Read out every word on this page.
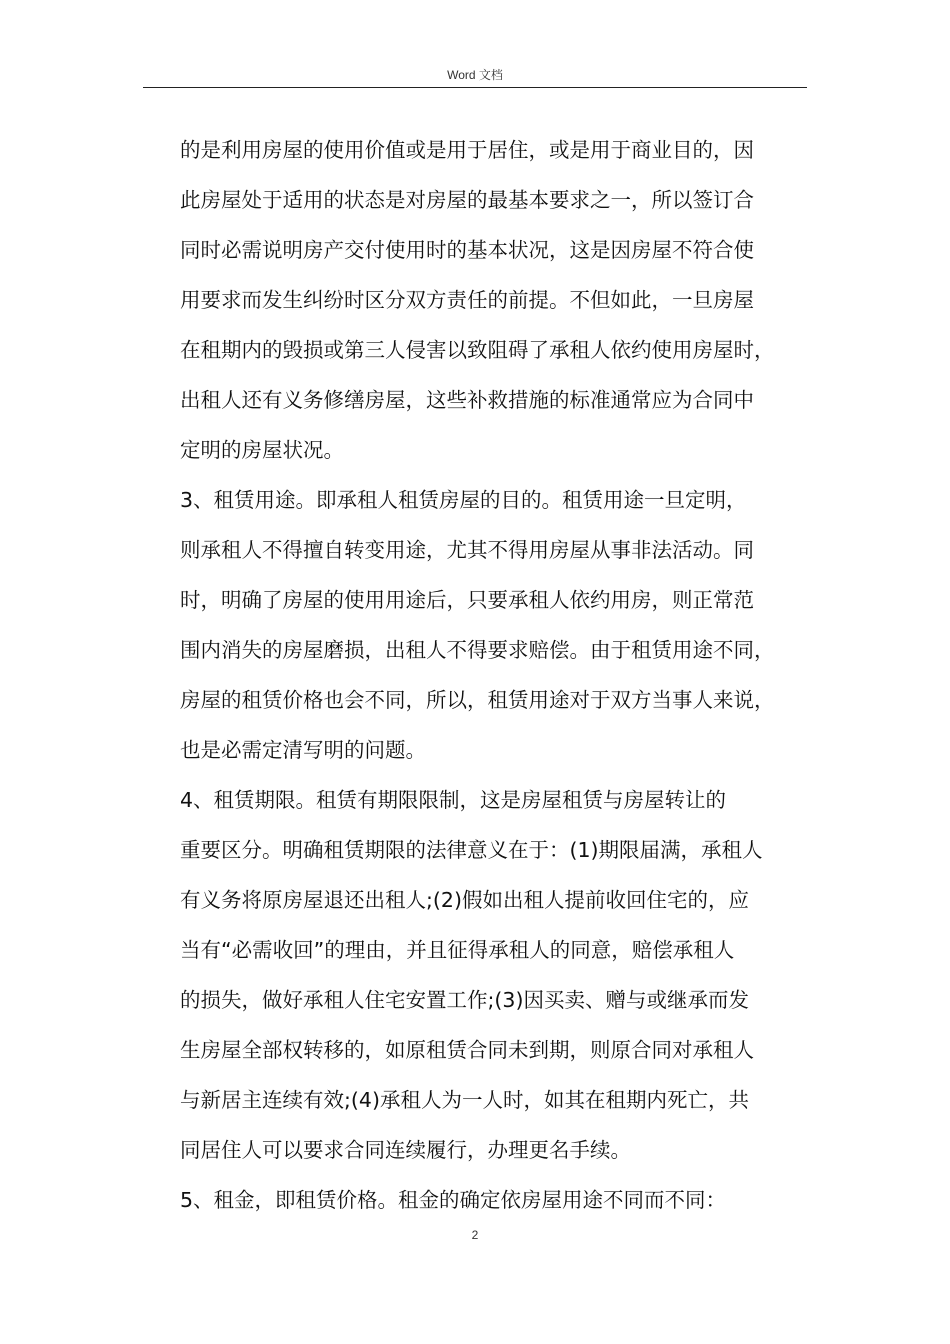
Word 文档
的是利用房屋的使用价值或是用于居住，或是用于商业目的，因
此房屋处于适用的状态是对房屋的最基本要求之一，所以签订合
同时必需说明房产交付使用时的基本状况，这是因房屋不符合使
用要求而发生纠纷时区分双方责任的前提。不但如此，一旦房屋
在租期内的毁损或第三人侵害以致阻碍了承租人依约使用房屋时，
出租人还有义务修缮房屋，这些补救措施的标准通常应为合同中
定明的房屋状况。
3、租赁用途。即承租人租赁房屋的目的。租赁用途一旦定明，
则承租人不得擅自转变用途，尤其不得用房屋从事非法活动。同
时，明确了房屋的使用用途后，只要承租人依约用房，则正常范
围内消失的房屋磨损，出租人不得要求赔偿。由于租赁用途不同，
房屋的租赁价格也会不同，所以，租赁用途对于双方当事人来说，
也是必需定清写明的问题。
4、租赁期限。租赁有期限限制，这是房屋租赁与房屋转让的
重要区分。明确租赁期限的法律意义在于：(1)期限届满，承租人
有义务将原房屋退还出租人;(2)假如出租人提前收回住宅的，应
当有“必需收回”的理由，并且征得承租人的同意，赔偿承租人
的损失，做好承租人住宅安置工作;(3)因买卖、赠与或继承而发
生房屋全部权转移的，如原租赁合同未到期，则原合同对承租人
与新居主连续有效;(4)承租人为一人时，如其在租期内死亡，共
同居住人可以要求合同连续履行，办理更名手续。
5、租金，即租赁价格。租金的确定依房屋用途不同而不同：
2
